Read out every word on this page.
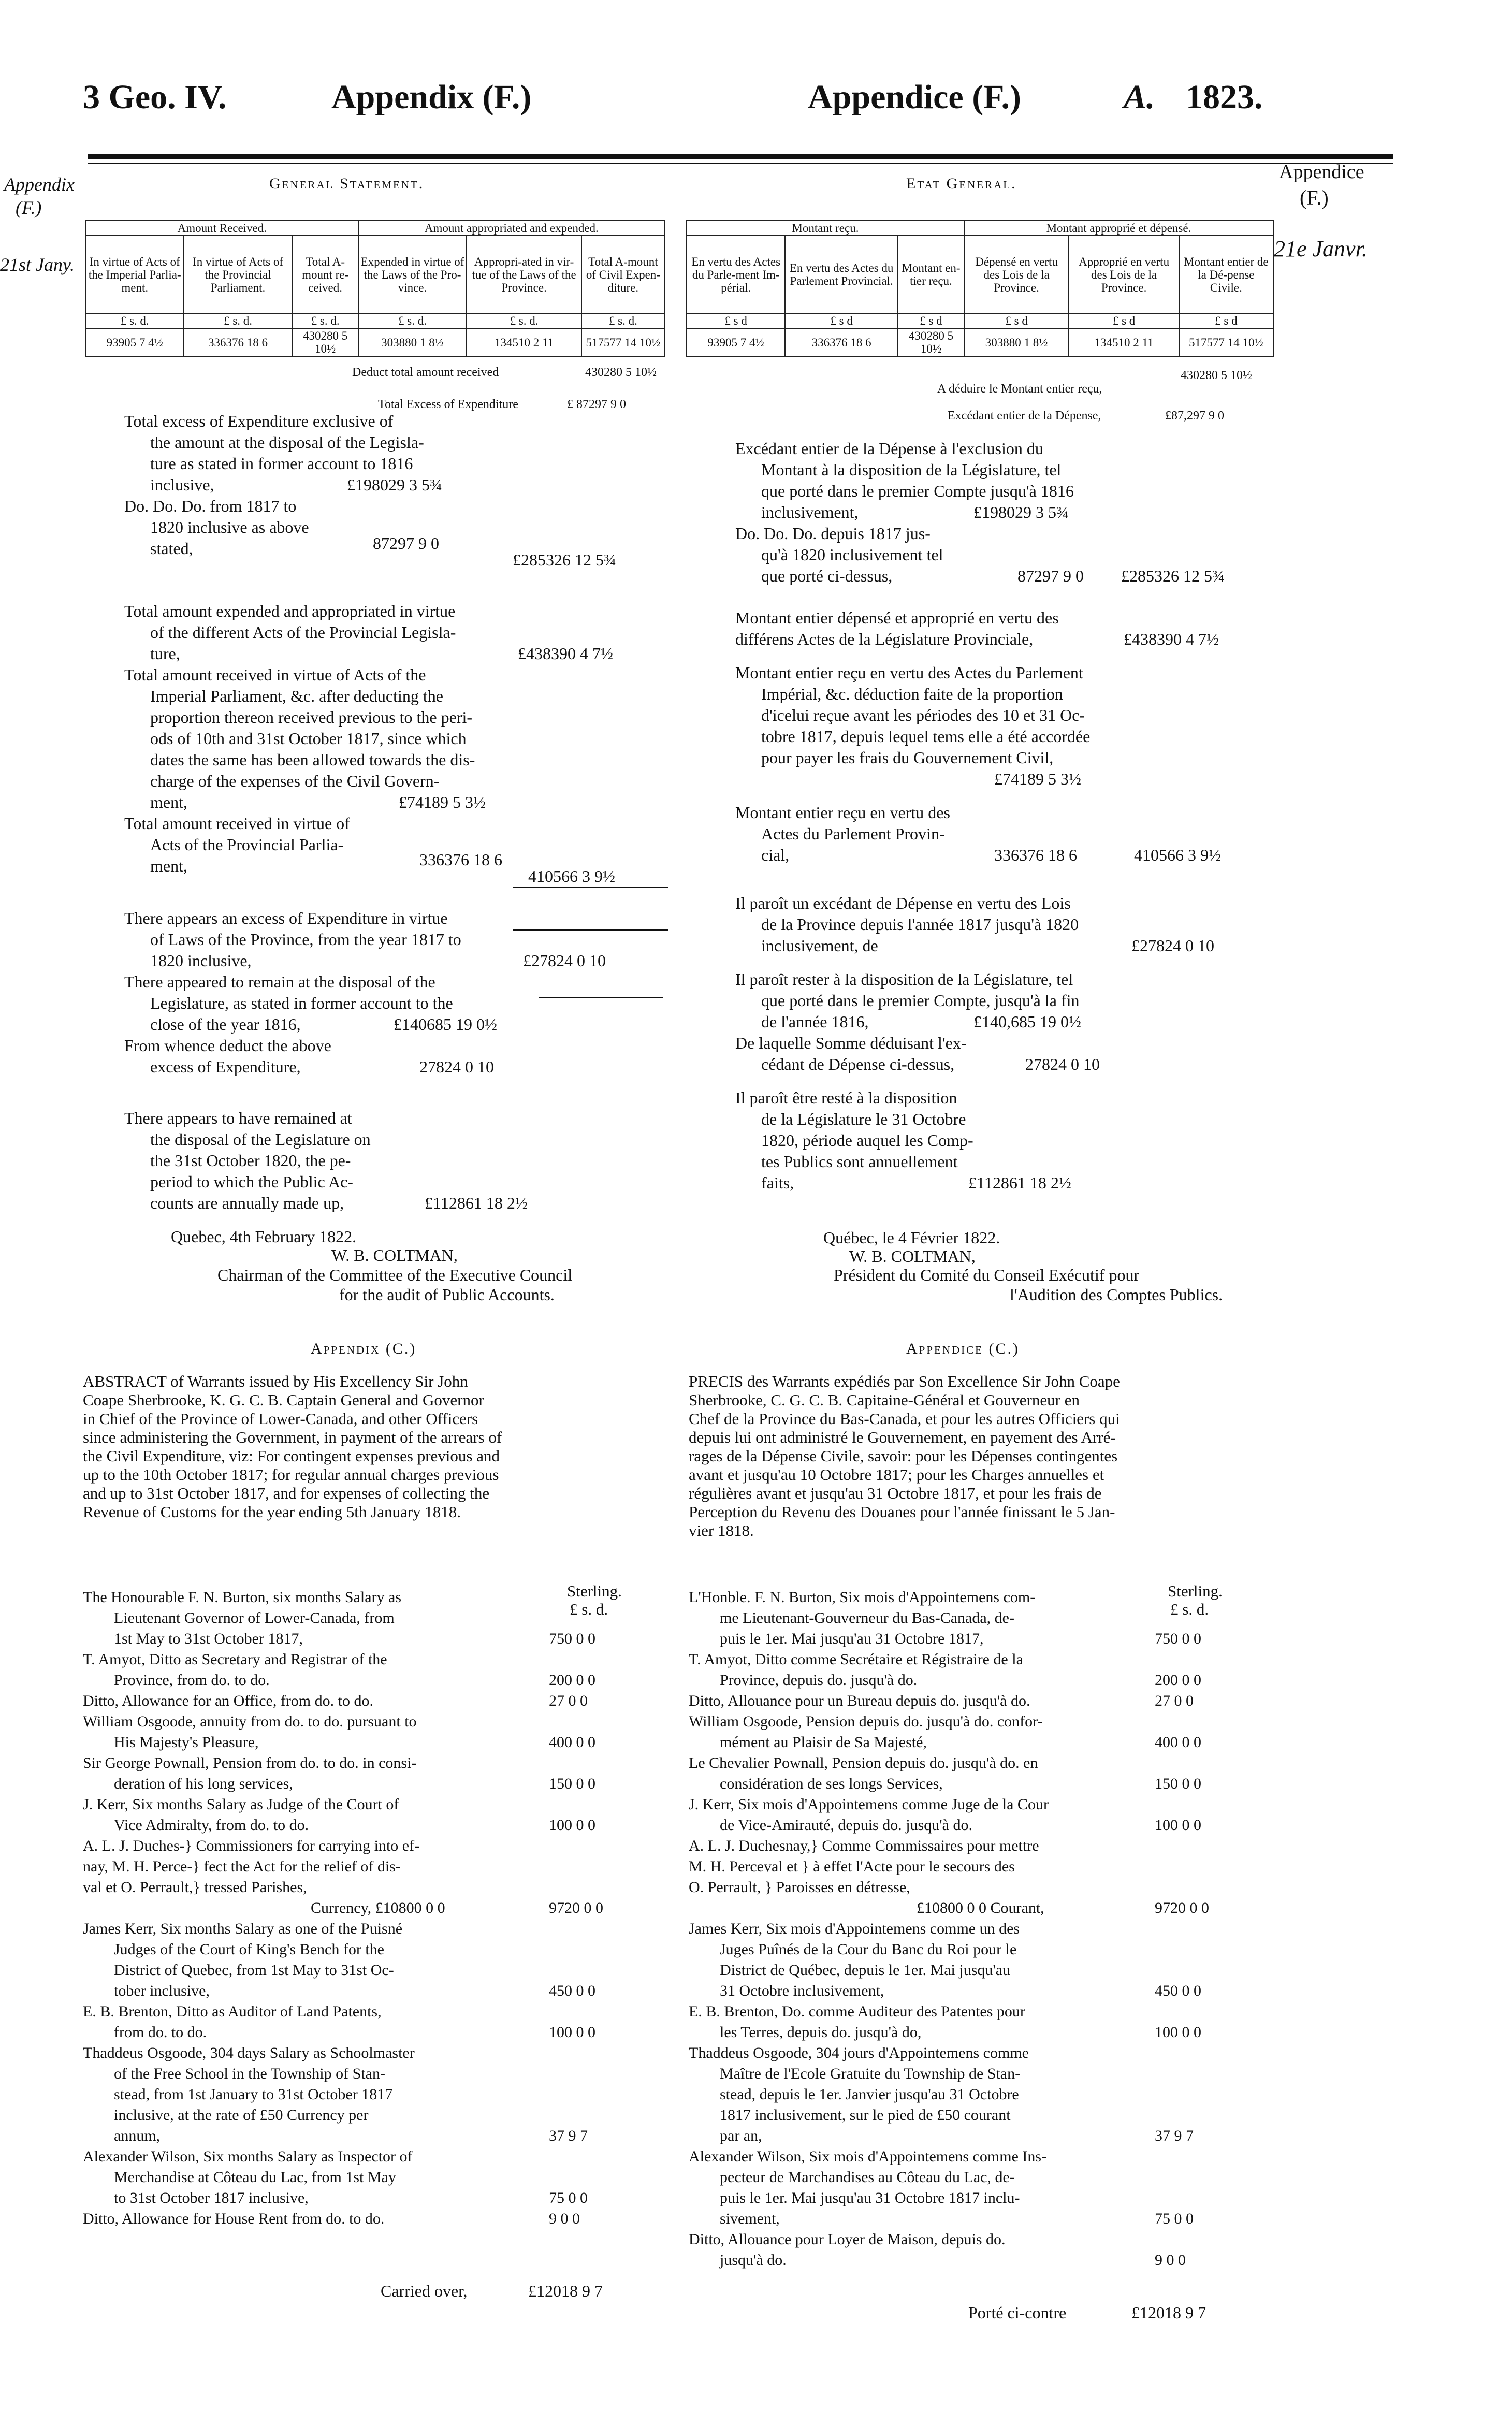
3 Geo. IV.	Appendix (F.)	Appendice (F.)	A. 1823.
Appendix
(F.)
21st Jany.
Appendice
(F.)
21e Janvr.
General Statement.
Amount Received.			Amount appropriated and expended.		
In virtue of Acts of the Imperial Parlia-ment.	In virtue of Acts of the Provincial Parliament.	Total A-mount re-ceived.	Expended in virtue of the Laws of the Pro-vince.	Appropri-ated in vir-tue of the Laws of the Province.	Total A-mount of Civil Expen-diture.
£ s. d.	£ s. d.	£ s. d.	£ s. d.	£ s. d.	£ s. d.
93905 7 4½	336376 18 6	430280 5 10½	303880 1 8½	134510 2 11	517577 14 10½
Deduct total amount received	430280 5 10½
Total Excess of Expenditure	£ 87297 9 0
Etat General.
Montant reçu.			Montant approprié et dépensé.		
En vertu des Actes du Parle-ment Im-périal.	En vertu des Actes du Parlement Provincial.	Montant en-tier reçu.	Dépensé en vertu des Lois de la Province.	Approprié en vertu des Lois de la Province.	Montant entier de la Dé-pense Civile.
£ s d	£ s d	£ s d	£ s d	£ s d	£ s d
93905 7 4½	336376 18 6	430280 5 10½	303880 1 8½	134510 2 11	517577 14 10½
A déduire le Montant entier reçu,
430280 5 10½
Excédant entier de la Dépense,	£87,297 9 0
Total excess of Expenditure exclusive of
the amount at the disposal of the Legisla-
ture as stated in former account to 1816
inclusive,	£198029 3 5¾
Do. Do. Do. from 1817 to
1820 inclusive as above
stated,	87297 9 0
£285326 12 5¾
Total amount expended and appropriated in virtue
of the different Acts of the Provincial Legisla-
ture,	£438390 4 7½
Total amount received in virtue of Acts of the
Imperial Parliament, &c. after deducting the
proportion thereon received previous to the peri-
ods of 10th and 31st October 1817, since which
dates the same has been allowed towards the dis-
charge of the expenses of the Civil Govern-
ment,	£74189 5 3½
Total amount received in virtue of
Acts of the Provincial Parlia-
ment,	336376 18 6
410566 3 9½
There appears an excess of Expenditure in virtue
of Laws of the Province, from the year 1817 to
1820 inclusive,	£27824 0 10
There appeared to remain at the disposal of the
Legislature, as stated in former account to the
close of the year 1816,	£140685 19 0½
From whence deduct the above
excess of Expenditure,	27824 0 10
There appears to have remained at
the disposal of the Legislature on
the 31st October 1820, the pe-
period to which the Public Ac-
counts are annually made up,	£112861 18 2½
Quebec, 4th February 1822.
W. B. COLTMAN,
Chairman of the Committee of the Executive Council
for the audit of Public Accounts.
Excédant entier de la Dépense à l'exclusion du
Montant à la disposition de la Législature, tel
que porté dans le premier Compte jusqu'à 1816
inclusivement,	£198029 3 5¾
Do. Do. Do. depuis 1817 jus-
qu'à 1820 inclusivement tel
que porté ci-dessus,	87297 9 0 £285326 12 5¾
Montant entier dépensé et approprié en vertu des
différens Actes de la Législature Provinciale,	£438390 4 7½
Montant entier reçu en vertu des Actes du Parlement
Impérial, &c. déduction faite de la proportion
d'icelui reçue avant les périodes des 10 et 31 Oc-
tobre 1817, depuis lequel tems elle a été accordée
pour payer les frais du Gouvernement Civil,
£74189 5 3½
Montant entier reçu en vertu des
Actes du Parlement Provin-
cial,	336376 18 6	410566 3 9½
Il paroît un excédant de Dépense en vertu des Lois
de la Province depuis l'année 1817 jusqu'à 1820
inclusivement, de	£27824 0 10
Il paroît rester à la disposition de la Législature, tel
que porté dans le premier Compte, jusqu'à la fin
de l'année 1816,	£140,685 19 0½
De laquelle Somme déduisant l'ex-
cédant de Dépense ci-dessus,	27824 0 10
Il paroît être resté à la disposition
de la Législature le 31 Octobre
1820, période auquel les Comp-
tes Publics sont annuellement
faits,	£112861 18 2½
Québec, le 4 Février 1822.
W. B. COLTMAN,
Président du Comité du Conseil Exécutif pour
l'Audition des Comptes Publics.
Appendix (C.)	Appendice (C.)
ABSTRACT of Warrants issued by His Excellency Sir John
Coape Sherbrooke, K. G. C. B. Captain General and Governor
in Chief of the Province of Lower-Canada, and other Officers
since administering the Government, in payment of the arrears of
the Civil Expenditure, viz: For contingent expenses previous and
up to the 10th October 1817; for regular annual charges previous
and up to 31st October 1817, and for expenses of collecting the
Revenue of Customs for the year ending 5th January 1818.
PRECIS des Warrants expédiés par Son Excellence Sir John Coape
Sherbrooke, C. G. C. B. Capitaine-Général et Gouverneur en
Chef de la Province du Bas-Canada, et pour les autres Officiers qui
depuis lui ont administré le Gouvernement, en payement des Arré-
rages de la Dépense Civile, savoir: pour les Dépenses contingentes
avant et jusqu'au 10 Octobre 1817; pour les Charges annuelles et
régulières avant et jusqu'au 31 Octobre 1817, et pour les frais de
Perception du Revenu des Douanes pour l'année finissant le 5 Jan-
vier 1818.
Sterling.
£ s. d.
Sterling.
£ s. d.
The Honourable F. N. Burton, six months Salary as
Lieutenant Governor of Lower-Canada, from
1st May to 31st October 1817,	750 0 0
T. Amyot, Ditto as Secretary and Registrar of the
Province, from do. to do.	200 0 0
Ditto, Allowance for an Office, from do. to do.	27 0 0
William Osgoode, annuity from do. to do. pursuant to
His Majesty's Pleasure,	400 0 0
Sir George Pownall, Pension from do. to do. in consi-
deration of his long services,	150 0 0
J. Kerr, Six months Salary as Judge of the Court of
Vice Admiralty, from do. to do.	100 0 0
A. L. J. Duches-} Commissioners for carrying into ef-
nay, M. H. Perce-} fect the Act for the relief of dis-
val et O. Perrault,} tressed Parishes,
Currency, £10800 0 0	9720 0 0
James Kerr, Six months Salary as one of the Puisné
Judges of the Court of King's Bench for the
District of Quebec, from 1st May to 31st Oc-
tober inclusive,	450 0 0
E. B. Brenton, Ditto as Auditor of Land Patents,
from do. to do.	100 0 0
Thaddeus Osgoode, 304 days Salary as Schoolmaster
of the Free School in the Township of Stan-
stead, from 1st January to 31st October 1817
inclusive, at the rate of £50 Currency per
annum,	37 9 7
Alexander Wilson, Six months Salary as Inspector of
Merchandise at Côteau du Lac, from 1st May
to 31st October 1817 inclusive,	75 0 0
Ditto, Allowance for House Rent from do. to do.	9 0 0
L'Honble. F. N. Burton, Six mois d'Appointemens com-
me Lieutenant-Gouverneur du Bas-Canada, de-
puis le 1er. Mai jusqu'au 31 Octobre 1817,	750 0 0
T. Amyot, Ditto comme Secrétaire et Régistraire de la
Province, depuis do. jusqu'à do.	200 0 0
Ditto, Allouance pour un Bureau depuis do. jusqu'à do.	27 0 0
William Osgoode, Pension depuis do. jusqu'à do. confor-
mément au Plaisir de Sa Majesté,	400 0 0
Le Chevalier Pownall, Pension depuis do. jusqu'à do. en
considération de ses longs Services,	150 0 0
J. Kerr, Six mois d'Appointemens comme Juge de la Cour
de Vice-Amirauté, depuis do. jusqu'à do.	100 0 0
A. L. J. Duchesnay,} Comme Commissaires pour mettre
M. H. Perceval et } à effet l'Acte pour le secours des
O. Perrault, } Paroisses en détresse,
£10800 0 0 Courant,	9720 0 0
James Kerr, Six mois d'Appointemens comme un des
Juges Puînés de la Cour du Banc du Roi pour le
District de Québec, depuis le 1er. Mai jusqu'au
31 Octobre inclusivement,	450 0 0
E. B. Brenton, Do. comme Auditeur des Patentes pour
les Terres, depuis do. jusqu'à do,	100 0 0
Thaddeus Osgoode, 304 jours d'Appointemens comme
Maître de l'Ecole Gratuite du Township de Stan-
stead, depuis le 1er. Janvier jusqu'au 31 Octobre
1817 inclusivement, sur le pied de £50 courant
par an,	37 9 7
Alexander Wilson, Six mois d'Appointemens comme Ins-
pecteur de Marchandises au Côteau du Lac, de-
puis le 1er. Mai jusqu'au 31 Octobre 1817 inclu-
sivement,	75 0 0
Ditto, Allouance pour Loyer de Maison, depuis do.
jusqu'à do.	9 0 0
Carried over,	£12018 9 7
Porté ci-contre	£12018 9 7
